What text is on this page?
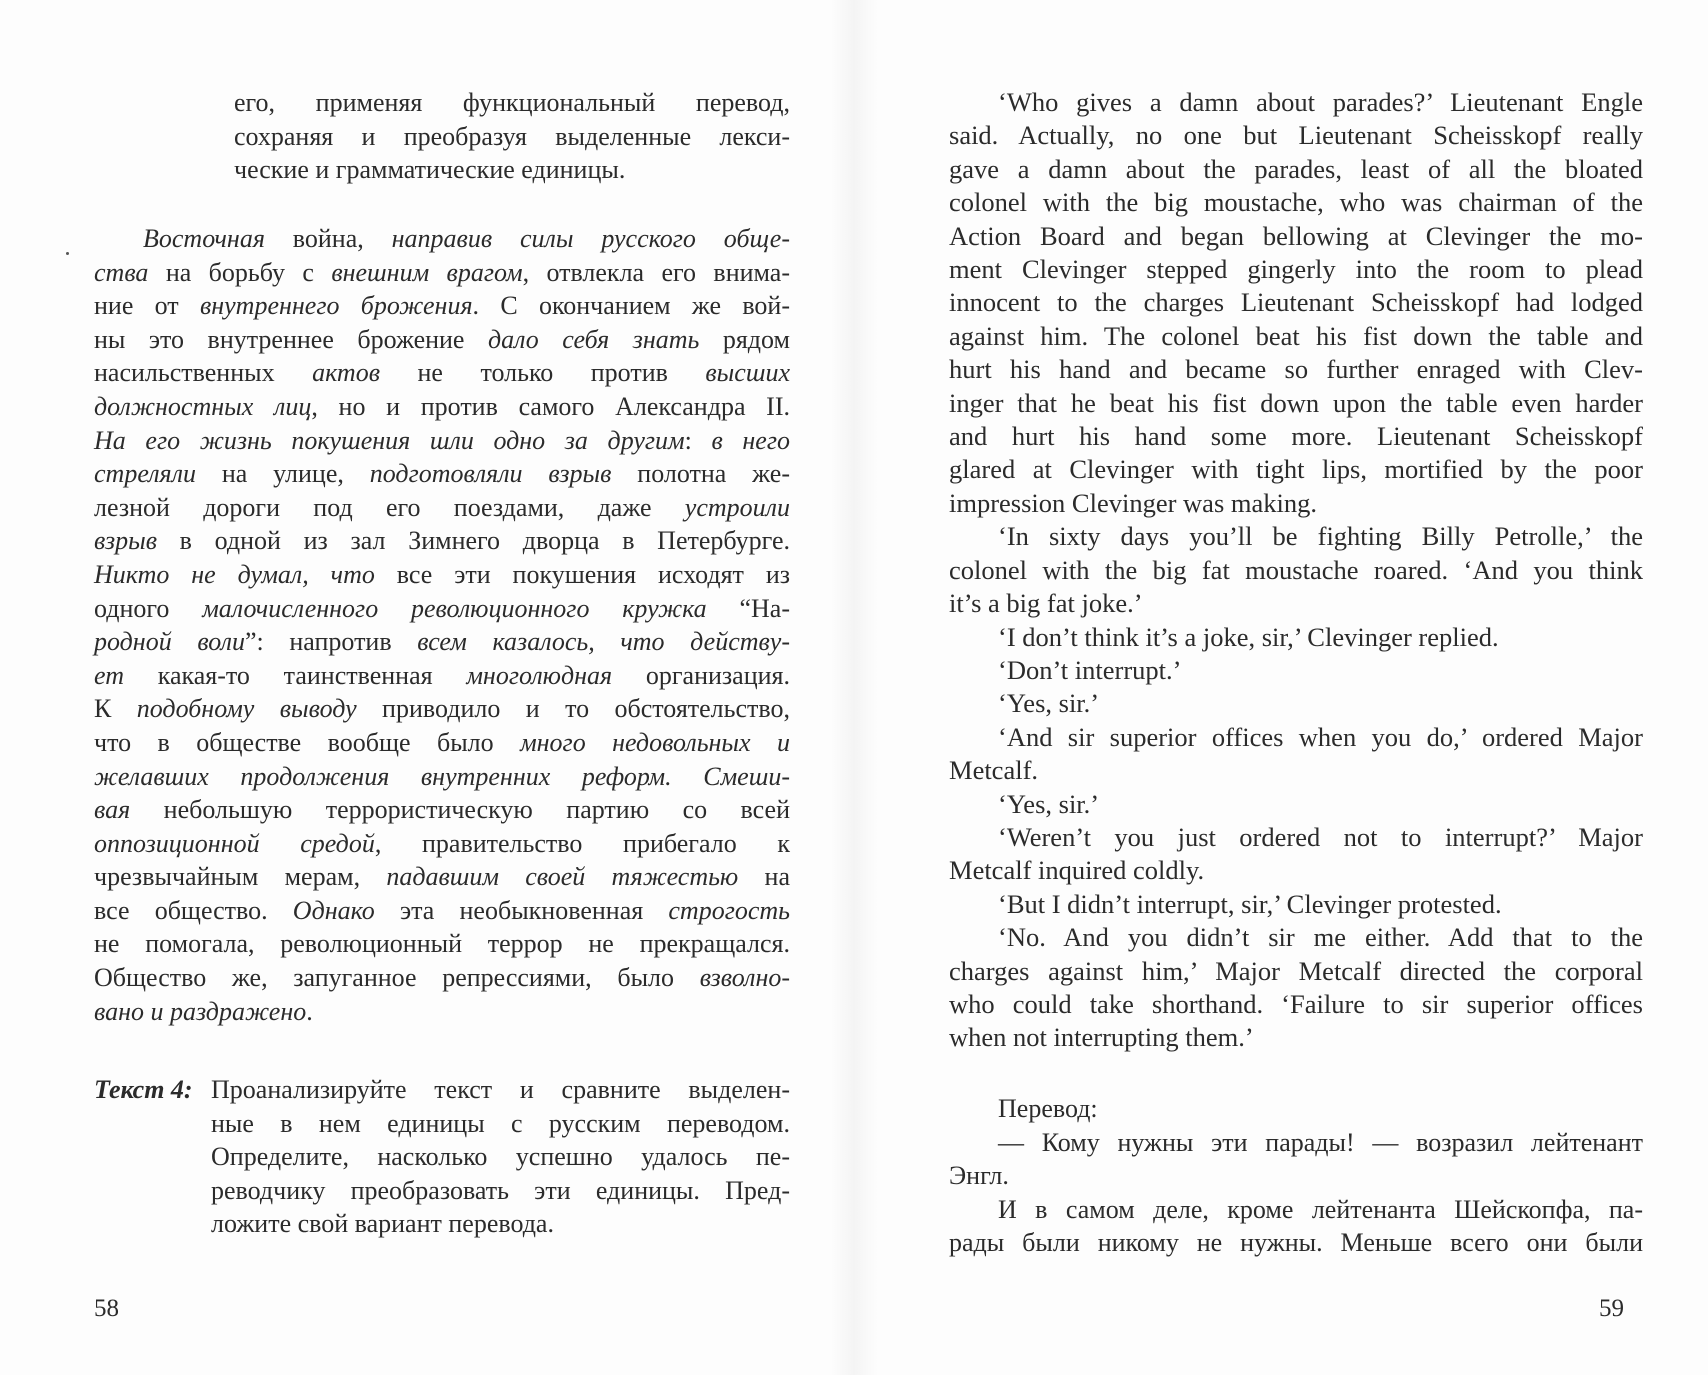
его, применяя функциональный перевод,
сохраняя и преобразуя выделенные лекси-
ческие и грамматические единицы.
Восточная война, направив силы русского обще-
ства на борьбу с внешним врагом, отвлекла его внима-
ние от внутреннего брожения. С окончанием же вой-
ны это внутреннее брожение дало себя знать рядом
насильственных актов не только против высших
должностных лиц, но и против самого Александра II.
На его жизнь покушения шли одно за другим: в него
стреляли на улице, подготовляли взрыв полотна же-
лезной дороги под его поездами, даже устроили
взрыв в одной из зал Зимнего дворца в Петербурге.
Никто не думал, что все эти покушения исходят из
одного малочисленного революционного кружка “На-
родной воли”: напротив всем казалось, что действу-
ет какая-то таинственная многолюдная организация.
К подобному выводу приводило и то обстоятельство,
что в обществе вообще было много недовольных и
желавших продолжения внутренних реформ. Смеши-
вая небольшую террористическую партию со всей
оппозиционной средой, правительство прибегало к
чрезвычайным мерам, падавшим своей тяжестью на
все общество. Однако эта необыкновенная строгость
не помогала, революционный террор не прекращался.
Общество же, запуганное репрессиями, было взволно-
вано и раздражено.
Текст 4: Проанализируйте текст и сравните выделен-
ные в нем единицы с русским переводом.
Определите, насколько успешно удалось пе-
реводчику преобразовать эти единицы. Пред-
ложите свой вариант перевода.
58
‘Who gives a damn about parades?’ Lieutenant Engle
said. Actually, no one but Lieutenant Scheisskopf really
gave a damn about the parades, least of all the bloated
colonel with the big moustache, who was chairman of the
Action Board and began bellowing at Clevinger the mo-
ment Clevinger stepped gingerly into the room to plead
innocent to the charges Lieutenant Scheisskopf had lodged
against him. The colonel beat his fist down the table and
hurt his hand and became so further enraged with Clev-
inger that he beat his fist down upon the table even harder
and hurt his hand some more. Lieutenant Scheisskopf
glared at Clevinger with tight lips, mortified by the poor
impression Clevinger was making.
‘In sixty days you’ll be fighting Billy Petrolle,’ the
colonel with the big fat moustache roared. ‘And you think
it’s a big fat joke.’
‘I don’t think it’s a joke, sir,’ Clevinger replied.
‘Don’t interrupt.’
‘Yes, sir.’
‘And sir superior offices when you do,’ ordered Major
Metcalf.
‘Yes, sir.’
‘Weren’t you just ordered not to interrupt?’ Major
Metcalf inquired coldly.
‘But I didn’t interrupt, sir,’ Clevinger protested.
‘No. And you didn’t sir me either. Add that to the
charges against him,’ Major Metcalf directed the corporal
who could take shorthand. ‘Failure to sir superior offices
when not interrupting them.’
Перевод:
— Кому нужны эти парады! — возразил лейтенант
Энгл.
И в самом деле, кроме лейтенанта Шейскопфа, па-
рады были никому не нужны. Меньше всего они были
59
